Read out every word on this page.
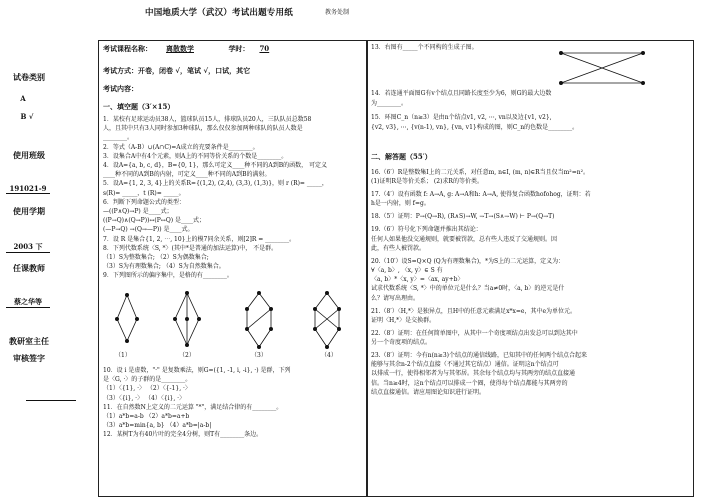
中国地质大学（武汉）考试出题专用纸	教务处制
试卷类别
A
B √
使用班级
191021-9
使用学期
2003 下
任课教师
蔡之华等
教研室主任
审核签字
考试课程名称： 离散数学	学时： 70
考试方式：开卷，闭卷 √，笔试 √，口试，其它
考试内容：
一、填空题（3′×15）
1．某校有足球运动员38人，篮球队员15人，排球队员20人，三队队员总数58
人，且其中只有3人同时参加3种球队，那么仅仅参加两种球队的队员人数是
________。
2．等式（A-B）∪(A∩C)=A成立的充要条件是________。
3．设集合A中有4个元素，则A上的不同等价关系的个数是________。
4．设A={a, b, c, d}，B={0, 1}，那么可定义____种不同的A到B的函数， 可定义
____种不同的A到B的内射，可定义____种不同的A到B的满射。
5．设A={1, 2, 3, 4}上的关系R={(1,2), (2,4), (3,3), (1,3)}，则 r (R)= _____，
s(R)= _____，t (R)= _____。
6．判断下列命题公式的类型：
—((P∧Q)→P) 是____式；
((P→Q)∧(Q→P))↔(P↔Q) 是____式；
(—P→Q) →(Q→—P)) 是____式。
7．设 R 是集合{1, 2, ⋯, 10}上的模7同余关系，则[2]R = ________。
8．下列代数系统〈S, *〉(其中*是普通的加法运算)中， 不是群。
（1）S为整数集合; （2）S为偶数集合;
（3）S为有理数集合; （4）S为自然数集合。
9．下列图所示的偏序集中，是格的有________。
（1）	（2）	（3）	（4）
10．设 i 是虚数，"·" 是复数乘法，则G=({1, -1, i, -i}, ·) 是群，下列
是〈G, ·〉的子群的是________。
（1）〈{1}, ·〉 （2）〈{-1}, ·〉
（3）〈{i}, ·〉 （4）〈{i}, ·〉
11．在自然数N上定义的二元运算 "*"，满足结合律的有________。
（1）a*b=a-b （2）a*b=a+b
（3）a*b=min{a, b} （4）a*b=|a-b|
12．某树T为有40片叶的完全4分树，则T有________条边。
13．右图有_____个不同构的生成子图。
14．若连通平面图G有v个结点且同路长度至少为6，则G的最大边数
为________。
15．环图C_n（n≥3）是由n个结点v1, v2, ⋯, vn以及边{v1, v2},
{v2, v3}, ⋯, {v(n-1), vn}, {vn, v1}构成的图，则C_n的色数是________。
二、解答题（55′）
16.（6′）R是整数集I上的二元关系，对任意m, n∈I, (m, n)∈R当且仅当m²=n²。
(1)证明R是等价关系； (2)求R的等价类。
17.（4′）设有函数 f: A→A, g: A→A和h: A→A, 使得复合函数hofohog，证明：若
h是一内射，则 f=g。
18.（5′）证明：P→(Q→R), (R∧S)→W, ⇁T→(S∧⇁W) ⊢ P→(Q→T)
19.（6′）符号化下列命题并推出其结论：
任何人如果他没交通规则，就要被罚款，总有些人违反了交通规则。因
此，有些人被罚款。
20.（10′）设S=Q×Q (Q为有理数集合)，*为S上的二元运算，定义为：
∀〈a, b〉, 〈x, y〉∈ S 有
〈a, b〉*〈x, y〉=〈ax, ay+b〉
试求代数系统〈S, *〉中的单位元是什么？当a≠0时，〈a, b〉的逆元是什
么？请写出理由。
21.（8′）〈H,*〉是独异点，且H中的任意元素满足x*x=e，其中e为单位元。
证明〈H,*〉是交换群。
22.（8′）证明：在任何简单图中，从其中一个奇度项结点出发总可以到达其中
另一个奇度项的结点。
23.（8′）证明：今有n(n≥3)个结点的通信线路，已知其中的任何两个结点合起来
能够与其余n-2个结点直接（不通过其它结点）通信。证明这n个结点可
以排成一行，使得相邻者为与其邻居。其余每个结点均与其两旁的结点直接通
信。当n≥4时，这n个结点可以排成一个圈，使得每个结点都能与其两旁的
结点直接通信。请应用图论知识进行证明。
